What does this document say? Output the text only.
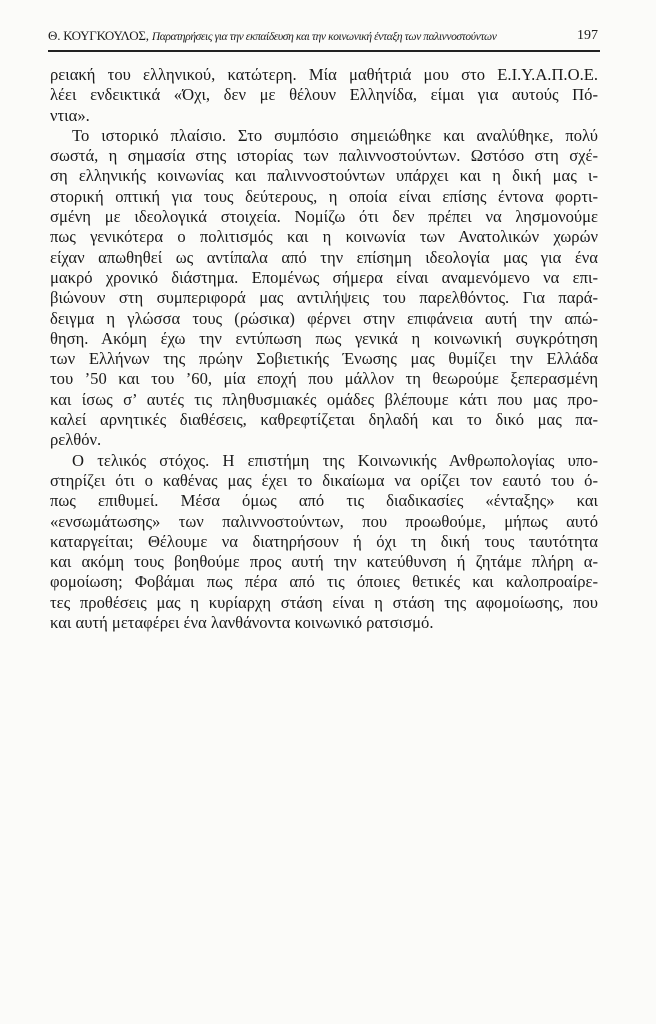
Θ. ΚΟΥΓΚΟΥΛΟΣ, Παρατηρήσεις για την εκπαίδευση και την κοινωνική ένταξη των παλιννοστούντων	197
ρειακή του ελληνικού, κατώτερη. Μία μαθήτριά μου στο Ε.Ι.Υ.Α.Π.Ο.Ε.
λέει ενδεικτικά «Όχι, δεν με θέλουν Ελληνίδα, είμαι για αυτούς Πό-
ντια».
Το ιστορικό πλαίσιο. Στο συμπόσιο σημειώθηκε και αναλύθηκε, πολύ
σωστά, η σημασία στης ιστορίας των παλιννοστούντων. Ωστόσο στη σχέ-
ση ελληνικής κοινωνίας και παλιννοστούντων υπάρχει και η δική μας ι-
στορική οπτική για τους δεύτερους, η οποία είναι επίσης έντονα φορτι-
σμένη με ιδεολογικά στοιχεία. Νομίζω ότι δεν πρέπει να λησμονούμε
πως γενικότερα ο πολιτισμός και η κοινωνία των Ανατολικών χωρών
είχαν απωθηθεί ως αντίπαλα από την επίσημη ιδεολογία μας για ένα
μακρό χρονικό διάστημα. Επομένως σήμερα είναι αναμενόμενο να επι-
βιώνουν στη συμπεριφορά μας αντιλήψεις του παρελθόντος. Για παρά-
δειγμα η γλώσσα τους (ρώσικα) φέρνει στην επιφάνεια αυτή την απώ-
θηση. Ακόμη έχω την εντύπωση πως γενικά η κοινωνική συγκρότηση
των Ελλήνων της πρώην Σοβιετικής Ένωσης μας θυμίζει την Ελλάδα
του ’50 και του ’60, μία εποχή που μάλλον τη θεωρούμε ξεπερασμένη
και ίσως σ’ αυτές τις πληθυσμιακές ομάδες βλέπουμε κάτι που μας προ-
καλεί αρνητικές διαθέσεις, καθρεφτίζεται δηλαδή και το δικό μας πα-
ρελθόν.
Ο τελικός στόχος. Η επιστήμη της Κοινωνικής Ανθρωπολογίας υπο-
στηρίζει ότι ο καθένας μας έχει το δικαίωμα να ορίζει τον εαυτό του ό-
πως επιθυμεί. Μέσα όμως από τις διαδικασίες «ένταξης» και
«ενσωμάτωσης» των παλιννοστούντων, που προωθούμε, μήπως αυτό
καταργείται; Θέλουμε να διατηρήσουν ή όχι τη δική τους ταυτότητα
και ακόμη τους βοηθούμε προς αυτή την κατεύθυνση ή ζητάμε πλήρη α-
φομοίωση; Φοβάμαι πως πέρα από τις όποιες θετικές και καλοπροαίρε-
τες προθέσεις μας η κυρίαρχη στάση είναι η στάση της αφομοίωσης, που
και αυτή μεταφέρει ένα λανθάνοντα κοινωνικό ρατσισμό.
